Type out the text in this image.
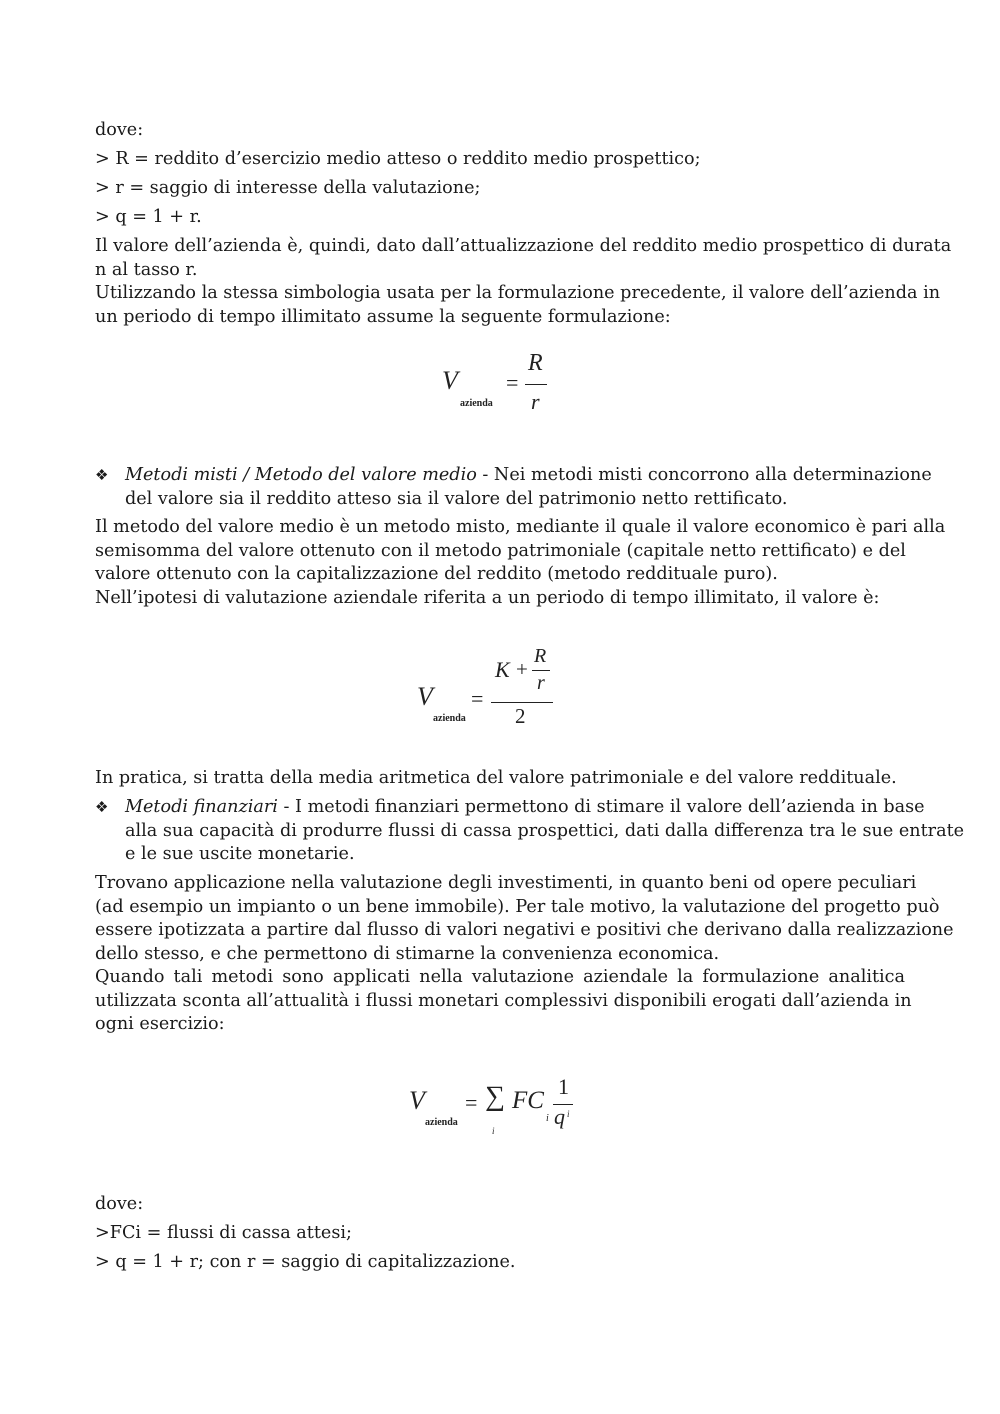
dove:
> R = reddito d’esercizio medio atteso o reddito medio prospettico;
> r = saggio di interesse della valutazione;
> q = 1 + r.
Il valore dell’azienda è, quindi, dato dall’attualizzazione del reddito medio prospettico di durata
n al tasso r.
Utilizzando la stessa simbologia usata per la formulazione precedente, il valore dell’azienda in
un periodo di tempo illimitato assume la seguente formulazione:
❖ Metodi misti / Metodo del valore medio - Nei metodi misti concorrono alla determinazione
del valore sia il reddito atteso sia il valore del patrimonio netto rettificato.
Il metodo del valore medio è un metodo misto, mediante il quale il valore economico è pari alla
semisomma del valore ottenuto con il metodo patrimoniale (capitale netto rettificato) e del
valore ottenuto con la capitalizzazione del reddito (metodo reddituale puro).
Nell’ipotesi di valutazione aziendale riferita a un periodo di tempo illimitato, il valore è:
In pratica, si tratta della media aritmetica del valore patrimoniale e del valore reddituale.
❖ Metodi finanziari - I metodi finanziari permettono di stimare il valore dell’azienda in base
alla sua capacità di produrre flussi di cassa prospettici, dati dalla differenza tra le sue entrate
e le sue uscite monetarie.
Trovano applicazione nella valutazione degli investimenti, in quanto beni od opere peculiari
(ad esempio un impianto o un bene immobile). Per tale motivo, la valutazione del progetto può
essere ipotizzata a partire dal flusso di valori negativi e positivi che derivano dalla realizzazione
dello stesso, e che permettono di stimarne la convenienza economica.
Quando tali metodi sono applicati nella valutazione aziendale la formulazione analitica
utilizzata sconta all’attualità i flussi monetari complessivi disponibili erogati dall’azienda in
ogni esercizio:
dove:
>FCi = flussi di cassa attesi;
> q = 1 + r; con r = saggio di capitalizzazione.
V
azienda
=
R
r
V
azienda
=
K +
R
r
2
V
azienda
= ∑
i
FC
i
1
q i
